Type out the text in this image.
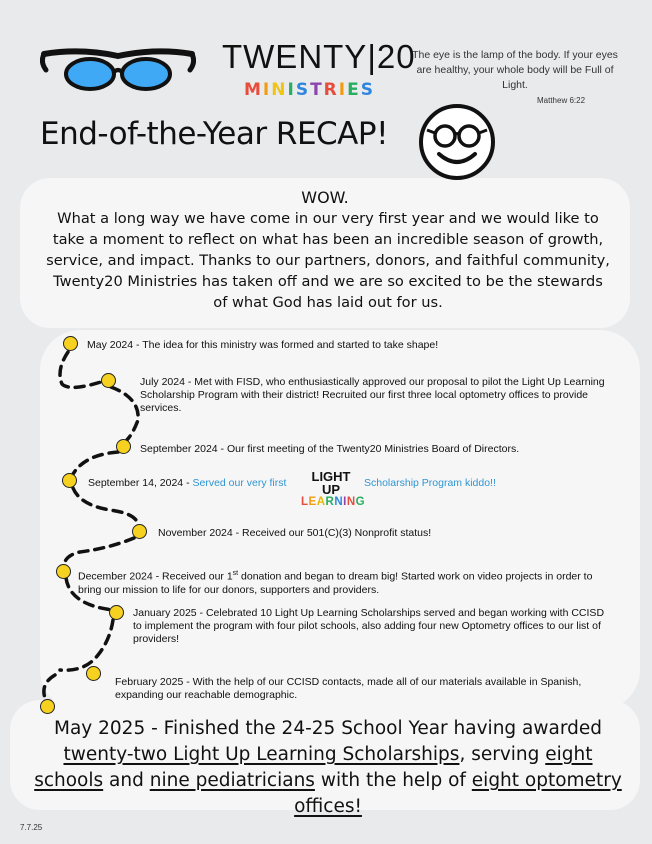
TWENTY|20
MINISTRIES
The eye is the lamp of the body. If your eyes are healthy, your whole body will be Full of Light.
Matthew 6:22
End-of-the-Year RECAP!
WOW.
What a long way we have come in our very first year and we would like to take a moment to reflect on what has been an incredible season of growth, service, and impact. Thanks to our partners, donors, and faithful community, Twenty20 Ministries has taken off and we are so excited to be the stewards of what God has laid out for us.
May 2024 - The idea for this ministry was formed and started to take shape!
July 2024 - Met with FISD, who enthusiastically approved our proposal to pilot the Light Up Learning Scholarship Program with their district! Recruited our first three local optometry offices to provide services.
September 2024 - Our first meeting of the Twenty20 Ministries Board of Directors.
September 14, 2024 - Served our very first	LIGHT UP
LEARNING
Scholarship Program kiddo!!
November 2024 - Received our 501(C)(3) Nonprofit status!
December 2024 - Received our 1st donation and began to dream big! Started work on video projects in order to bring our mission to life for our donors, supporters and providers.
January 2025 - Celebrated 10 Light Up Learning Scholarships served and began working with CCISD to implement the program with four pilot schools, also adding four new Optometry offices to our list of providers!
February 2025 - With the help of our CCISD contacts, made all of our materials available in Spanish, expanding our reachable demographic.
May 2025 - Finished the 24-25 School Year having awarded twenty-two Light Up Learning Scholarships, serving eight schools and nine pediatricians with the help of eight optometry offices!
7.7.25
